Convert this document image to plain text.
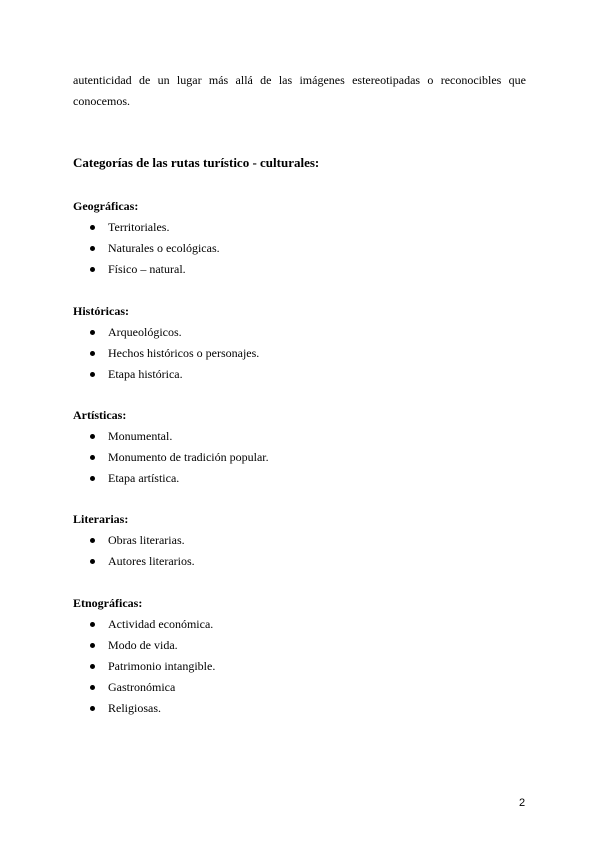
autenticidad de un lugar más allá de las imágenes estereotipadas o reconocibles que
conocemos.
Categorías de las rutas turístico - culturales:

Geográficas:

Territoriales.
Naturales o ecológicas.
Físico – natural.

Históricas:

Arqueológicos.
Hechos históricos o personajes.
Etapa histórica.

Artísticas:

Monumental.
Monumento de tradición popular.
Etapa artística.

Literarias:

Obras literarias.
Autores literarios.

Etnográficas:

Actividad económica.
Modo de vida.
Patrimonio intangible.
Gastronómica
Religiosas.
2
